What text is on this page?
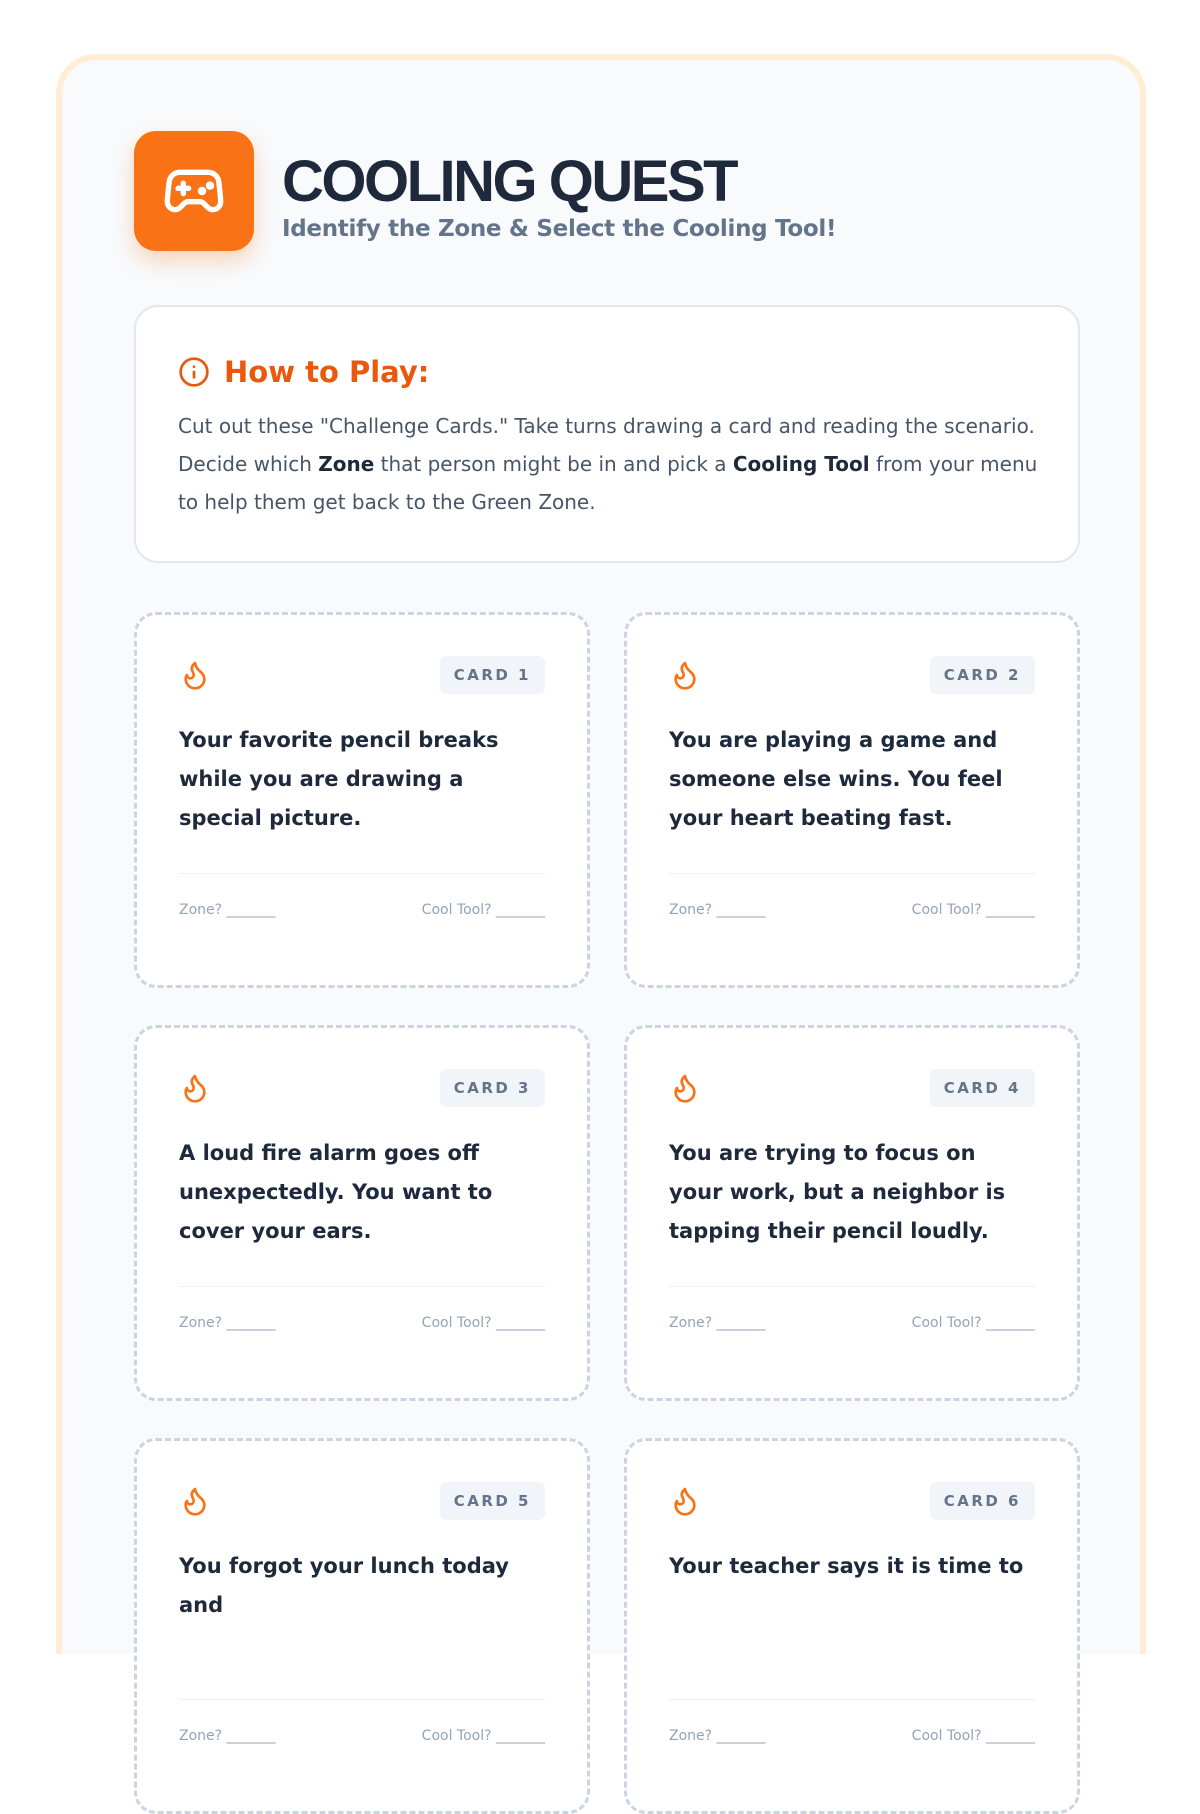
COOLING QUEST
Identify the Zone & Select the Cooling Tool!
How to Play:
Cut out these "Challenge Cards." Take turns drawing a card and reading the scenario. Decide which Zone that person might be in and pick a Cooling Tool from your menu to help them get back to the Green Zone.
CARD 1
Your favorite pencil breaks while you are drawing a special picture.
Zone? _______	Cool Tool? _______
CARD 2
You are playing a game and someone else wins. You feel your heart beating fast.
Zone? _______	Cool Tool? _______
CARD 3
A loud fire alarm goes off unexpectedly. You want to cover your ears.
Zone? _______	Cool Tool? _______
CARD 4
You are trying to focus on your work, but a neighbor is tapping their pencil loudly.
Zone? _______	Cool Tool? _______
CARD 5
You forgot your lunch today and
Zone? _______	Cool Tool? _______
CARD 6
Your teacher says it is time to
Zone? _______	Cool Tool? _______
